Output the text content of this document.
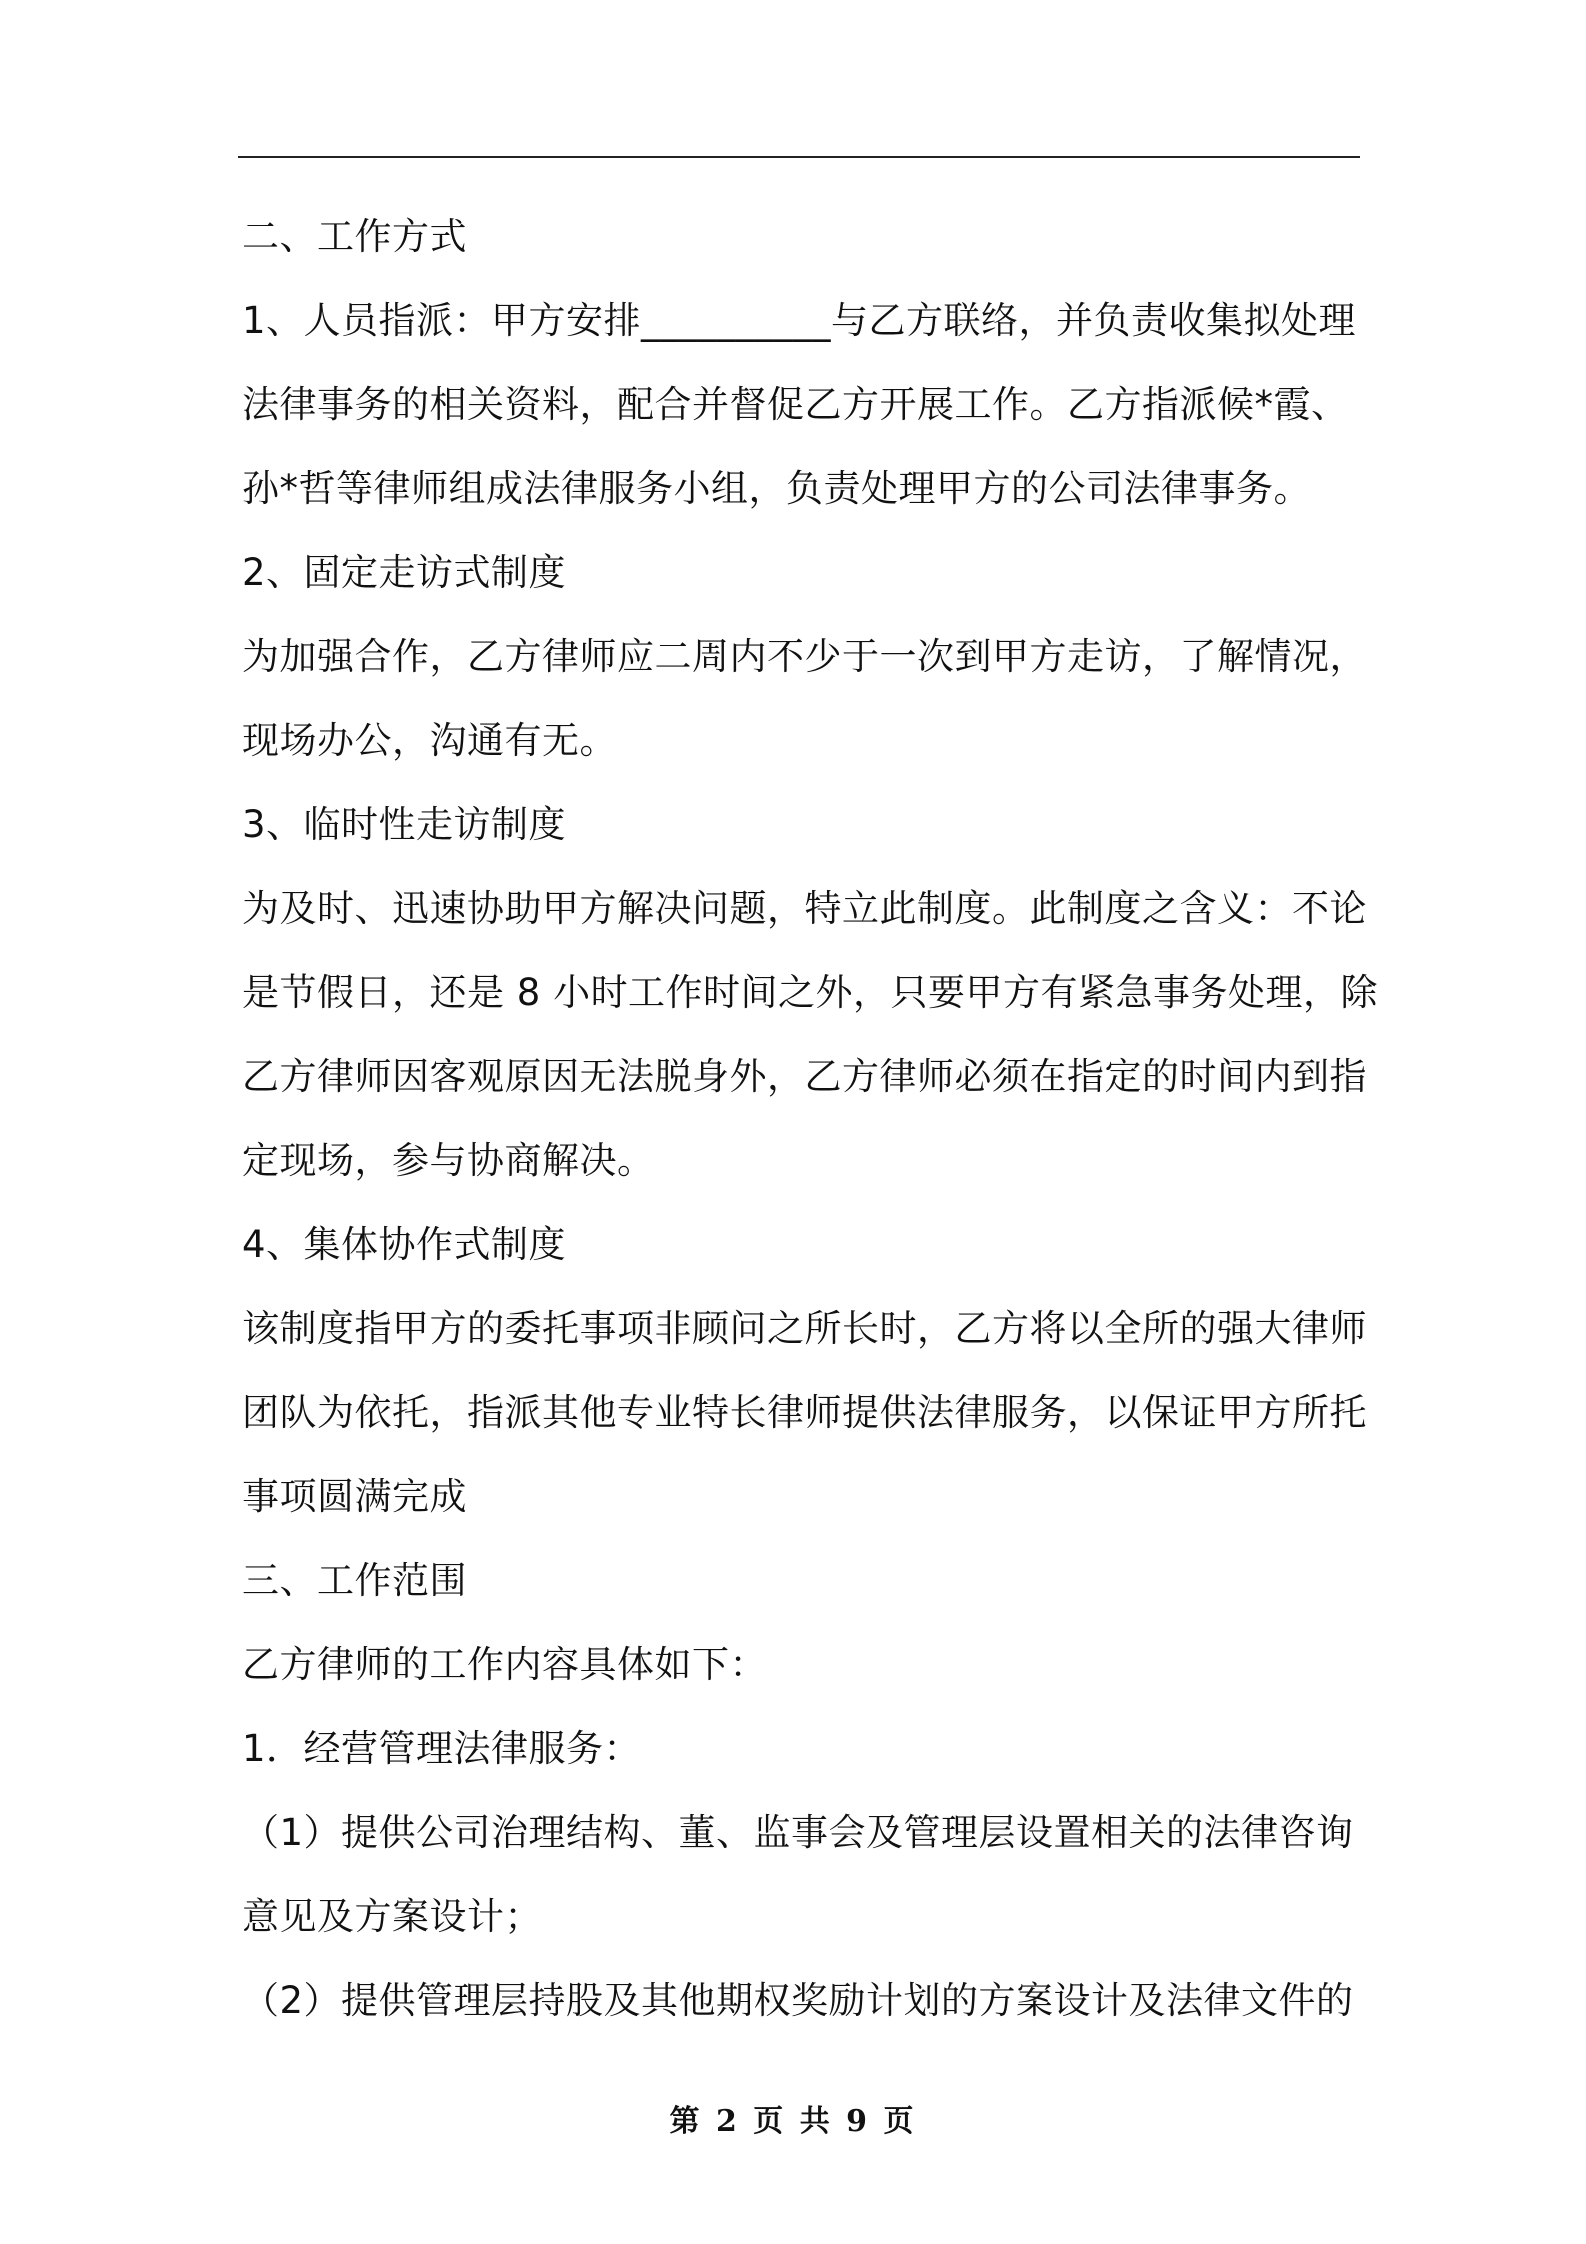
二、工作方式
1、人员指派：甲方安排__________与乙方联络，并负责收集拟处理
法律事务的相关资料，配合并督促乙方开展工作。乙方指派候*霞、
孙*哲等律师组成法律服务小组，负责处理甲方的公司法律事务。
2、固定走访式制度
为加强合作，乙方律师应二周内不少于一次到甲方走访，了解情况，
现场办公，沟通有无。
3、临时性走访制度
为及时、迅速协助甲方解决问题，特立此制度。此制度之含义：不论
是节假日，还是 8 小时工作时间之外，只要甲方有紧急事务处理，除
乙方律师因客观原因无法脱身外，乙方律师必须在指定的时间内到指
定现场，参与协商解决。
4、集体协作式制度
该制度指甲方的委托事项非顾问之所长时，乙方将以全所的强大律师
团队为依托，指派其他专业特长律师提供法律服务，以保证甲方所托
事项圆满完成
三、工作范围
乙方律师的工作内容具体如下：
1．经营管理法律服务：
（1）提供公司治理结构、董、监事会及管理层设置相关的法律咨询
意见及方案设计；
（2）提供管理层持股及其他期权奖励计划的方案设计及法律文件的
第 2 页 共 9 页
